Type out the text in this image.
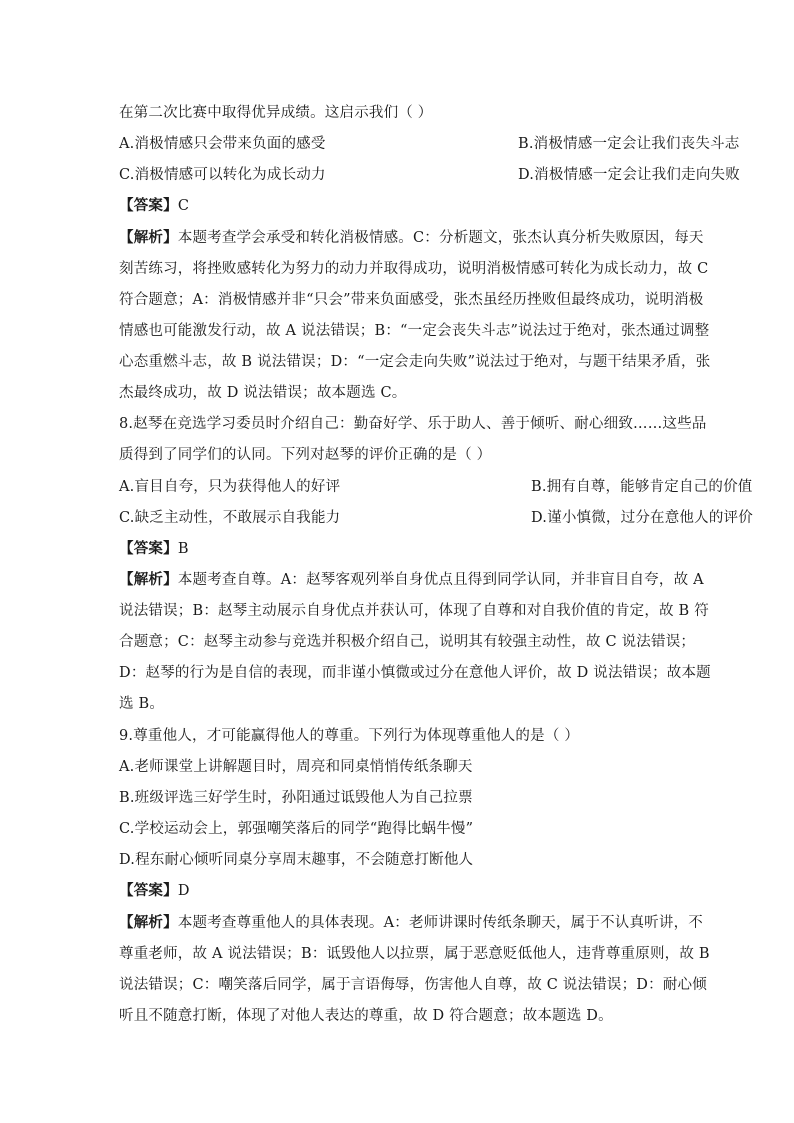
在第二次比赛中取得优异成绩。这启示我们（ ）
A.消极情感只会带来负面的感受	B.消极情感一定会让我们丧失斗志
C.消极情感可以转化为成长动力	D.消极情感一定会让我们走向失败
【答案】C
【解析】本题考查学会承受和转化消极情感。C：分析题文，张杰认真分析失败原因，每天
刻苦练习，将挫败感转化为努力的动力并取得成功，说明消极情感可转化为成长动力，故 C
符合题意；A：消极情感并非“只会”带来负面感受，张杰虽经历挫败但最终成功，说明消极
情感也可能激发行动，故 A 说法错误；B：“一定会丧失斗志”说法过于绝对，张杰通过调整
心态重燃斗志，故 B 说法错误；D：“一定会走向失败”说法过于绝对，与题干结果矛盾，张
杰最终成功，故 D 说法错误；故本题选 C。
8.赵琴在竞选学习委员时介绍自己：勤奋好学、乐于助人、善于倾听、耐心细致……这些品
质得到了同学们的认同。下列对赵琴的评价正确的是（ ）
A.盲目自夸，只为获得他人的好评	B.拥有自尊，能够肯定自己的价值
C.缺乏主动性，不敢展示自我能力	D.谨小慎微，过分在意他人的评价
【答案】B
【解析】本题考查自尊。A：赵琴客观列举自身优点且得到同学认同，并非盲目自夸，故 A
说法错误；B：赵琴主动展示自身优点并获认可，体现了自尊和对自我价值的肯定，故 B 符
合题意；C：赵琴主动参与竞选并积极介绍自己，说明其有较强主动性，故 C 说法错误；
D：赵琴的行为是自信的表现，而非谨小慎微或过分在意他人评价，故 D 说法错误；故本题
选 B。
9.尊重他人，才可能赢得他人的尊重。下列行为体现尊重他人的是（ ）
A.老师课堂上讲解题目时，周亮和同桌悄悄传纸条聊天
B.班级评选三好学生时，孙阳通过诋毁他人为自己拉票
C.学校运动会上，郭强嘲笑落后的同学“跑得比蜗牛慢”
D.程东耐心倾听同桌分享周末趣事，不会随意打断他人
【答案】D
【解析】本题考查尊重他人的具体表现。A：老师讲课时传纸条聊天，属于不认真听讲，不
尊重老师，故 A 说法错误；B：诋毁他人以拉票，属于恶意贬低他人，违背尊重原则，故 B
说法错误；C：嘲笑落后同学，属于言语侮辱，伤害他人自尊，故 C 说法错误；D：耐心倾
听且不随意打断，体现了对他人表达的尊重，故 D 符合题意；故本题选 D。
